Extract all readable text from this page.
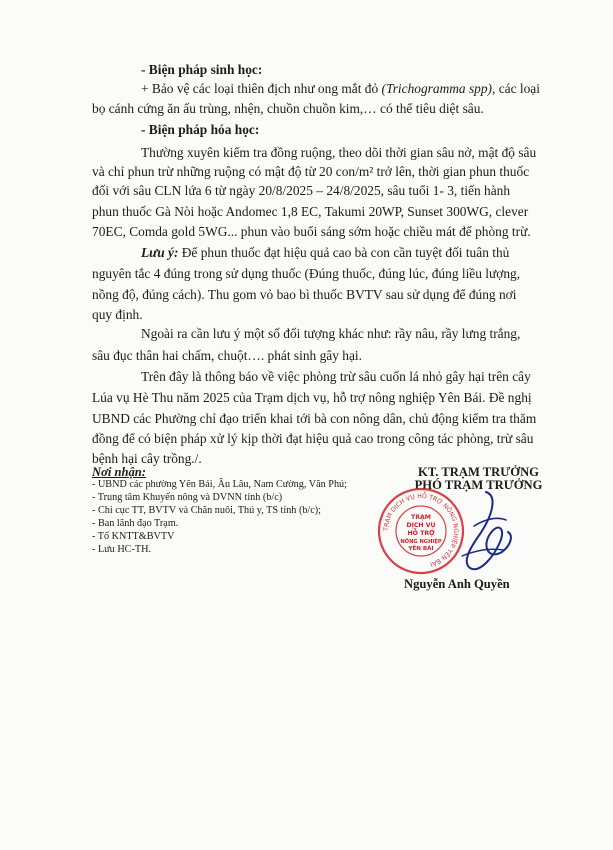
- Biện pháp sinh học:
+ Bảo vệ các loại thiên địch như ong mắt đỏ (Trichogramma spp), các loại
bọ cánh cứng ăn ấu trùng, nhện, chuồn chuồn kim,… có thể tiêu diệt sâu.
- Biện pháp hóa học:
Thường xuyên kiểm tra đồng ruộng, theo dõi thời gian sâu nở, mật độ sâu
và chỉ phun trừ những ruộng có mật độ từ 20 con/m² trở lên, thời gian phun thuốc
đối với sâu CLN lứa 6 từ ngày 20/8/2025 – 24/8/2025, sâu tuổi 1- 3, tiến hành
phun thuốc Gà Nòi hoặc Andomec 1,8 EC, Takumi 20WP, Sunset 300WG, clever
70EC, Comda gold 5WG... phun vào buổi sáng sớm hoặc chiều mát để phòng trừ.
Lưu ý: Để phun thuốc đạt hiệu quả cao bà con cần tuyệt đối tuân thủ
nguyên tắc 4 đúng trong sử dụng thuốc (Đúng thuốc, đúng lúc, đúng liều lượng,
nồng độ, đúng cách). Thu gom vỏ bao bì thuốc BVTV sau sử dụng để đúng nơi
quy định.
Ngoài ra cần lưu ý một số đối tượng khác như: rầy nâu, rầy lưng trắng,
sâu đục thân hai chấm, chuột…. phát sinh gây hại.
Trên đây là thông báo về việc phòng trừ sâu cuốn lá nhỏ gây hại trên cây
Lúa vụ Hè Thu năm 2025 của Trạm dịch vụ, hỗ trợ nông nghiệp Yên Bái. Đề nghị
UBND các Phường chỉ đạo triển khai tới bà con nông dân, chủ động kiểm tra thăm
đồng để có biện pháp xử lý kịp thời đạt hiệu quả cao trong công tác phòng, trừ sâu
bệnh hại cây trồng./.
Nơi nhận:
- UBND các phường Yên Bái, Âu Lâu, Nam Cường, Văn Phú;
- Trung tâm Khuyến nông và DVNN tỉnh (b/c)
- Chi cục TT, BVTV và Chăn nuôi, Thú y, TS tỉnh (b/c);
- Ban lãnh đạo Trạm.
- Tổ KNTT&BVTV
- Lưu HC-TH.
KT. TRẠM TRƯỞNG
PHÓ TRẠM TRƯỞNG
TRẠM DỊCH VỤ HỖ TRỢ NÔNG NGHIỆP YÊN BÁI
TRẠM
DỊCH VỤ
HỖ TRỢ
NÔNG NGHIỆP
YÊN BÁI
Nguyễn Anh Quyền
